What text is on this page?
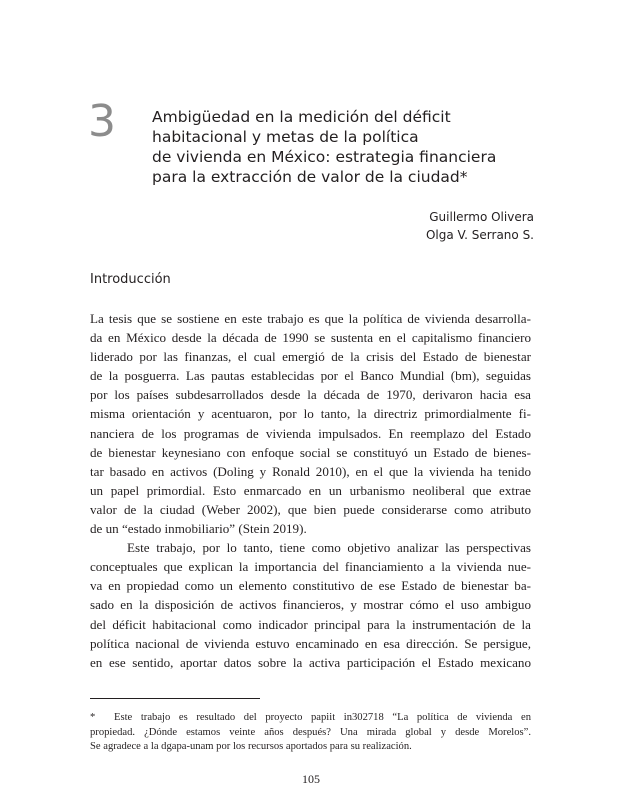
3 Ambigüedad en la medición del déficit
habitacional y metas de la política
de vivienda en México: estrategia financiera
para la extracción de valor de la ciudad*
Guillermo Olivera
Olga V. Serrano S.
Introducción
La tesis que se sostiene en este trabajo es que la política de vivienda desarrolla-
da en México desde la década de 1990 se sustenta en el capitalismo financiero
liderado por las finanzas, el cual emergió de la crisis del Estado de bienestar
de la posguerra. Las pautas establecidas por el Banco Mundial (bm), seguidas
por los países subdesarrollados desde la década de 1970, derivaron hacia esa
misma orientación y acentuaron, por lo tanto, la directriz primordialmente fi-
nanciera de los programas de vivienda impulsados. En reemplazo del Estado
de bienestar keynesiano con enfoque social se constituyó un Estado de bienes-
tar basado en activos (Doling y Ronald 2010), en el que la vivienda ha tenido
un papel primordial. Esto enmarcado en un urbanismo neoliberal que extrae
valor de la ciudad (Weber 2002), que bien puede considerarse como atributo
de un “estado inmobiliario” (Stein 2019).
Este trabajo, por lo tanto, tiene como objetivo analizar las perspectivas
conceptuales que explican la importancia del financiamiento a la vivienda nue-
va en propiedad como un elemento constitutivo de ese Estado de bienestar ba-
sado en la disposición de activos financieros, y mostrar cómo el uso ambiguo
del déficit habitacional como indicador principal para la instrumentación de la
política nacional de vivienda estuvo encaminado en esa dirección. Se persigue,
en ese sentido, aportar datos sobre la activa participación el Estado mexicano
*	Este trabajo es resultado del proyecto papiit in302718 “La política de vivienda en
propiedad. ¿Dónde estamos veinte años después? Una mirada global y desde Morelos”.
Se agradece a la dgapa-unam por los recursos aportados para su realización.
105
